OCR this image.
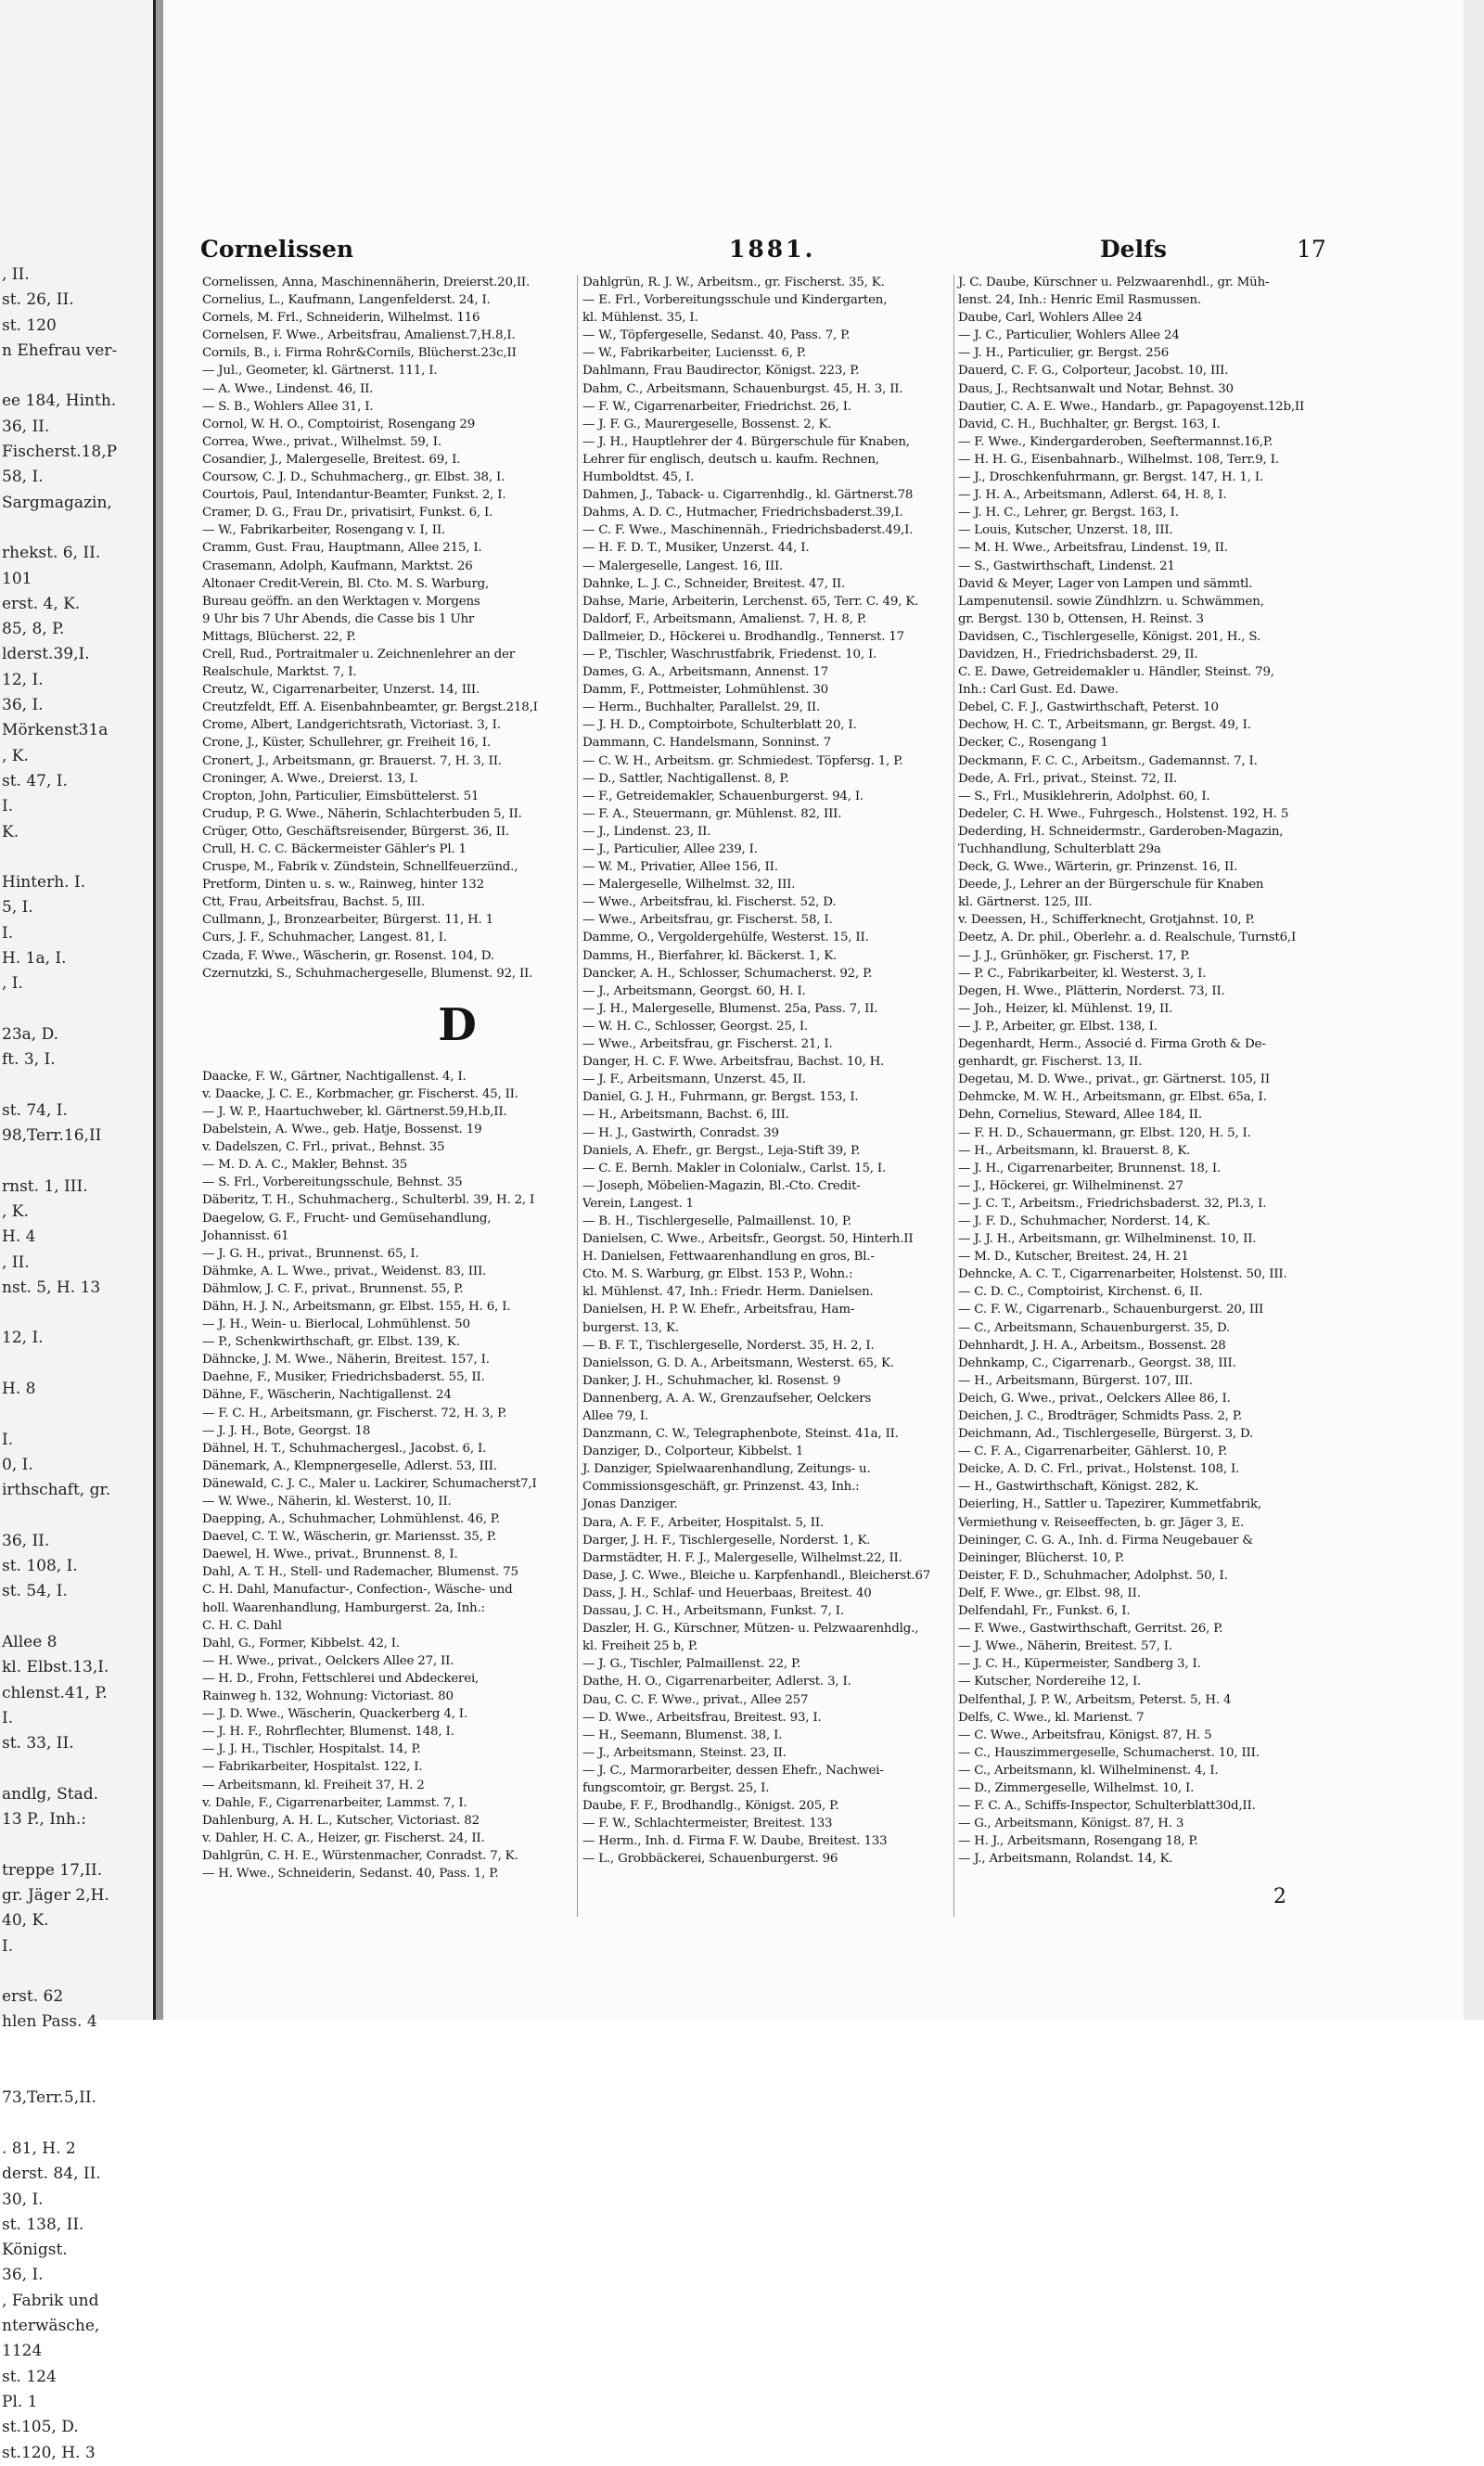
, II.
st. 26, II.
st. 120
n Ehefrau ver-

ee 184, Hinth.
36, II.
Fischerst.18,P
58, I.
Sargmagazin,

rhekst. 6, II.
101
erst. 4, K.
85, 8, P.
lderst.39,I.
12, I.
36, I.
Mörkenst31a
, K.
st. 47, I.
I.
K.

Hinterh. I.
5, I.
I.
H. 1a, I.
, I.

23a, D.
ft. 3, I.

st. 74, I.
98,Terr.16,II

rnst. 1, III.
, K.
H. 4
, II.
nst. 5, H. 13

12, I.

H. 8

I.
0, I.
irthschaft, gr.

36, II.
st. 108, I.
st. 54, I.

Allee 8
kl. Elbst.13,I.
chlenst.41, P.
I.
st. 33, II.

andlg, Stad.
13 P., Inh.:

treppe 17,II.
gr. Jäger 2,H.
40, K.
I.

erst. 62
hlen Pass. 4

73,Terr.5,II.

. 81, H. 2
derst. 84, II.
30, I.
st. 138, II.
Königst.
36, I.
, Fabrik und
nterwäsche,
1124
st. 124
Pl. 1
st.105, D.
st.120, H. 3
Cornelissen	1881.	Delfs	17
Cornelissen, Anna, Maschinennäherin, Dreierst.20,II.
Cornelius, L., Kaufmann, Langenfelderst. 24, I.
Cornels, M. Frl., Schneiderin, Wilhelmst. 116
Cornelsen, F. Wwe., Arbeitsfrau, Amalienst.7,H.8,I.
Cornils, B., i. Firma Rohr&Cornils, Blücherst.23c,II
— Jul., Geometer, kl. Gärtnerst. 111, I.
— A. Wwe., Lindenst. 46, II.
— S. B., Wohlers Allee 31, I.
Cornol, W. H. O., Comptoirist, Rosengang 29
Correa, Wwe., privat., Wilhelmst. 59, I.
Cosandier, J., Malergeselle, Breitest. 69, I.
Coursow, C. J. D., Schuhmacherg., gr. Elbst. 38, I.
Courtois, Paul, Intendantur-Beamter, Funkst. 2, I.
Cramer, D. G., Frau Dr., privatisirt, Funkst. 6, I.
— W., Fabrikarbeiter, Rosengang v. I, II.
Cramm, Gust. Frau, Hauptmann, Allee 215, I.
Crasemann, Adolph, Kaufmann, Marktst. 26
Altonaer Credit-Verein, Bl. Cto. M. S. Warburg,
Bureau geöffn. an den Werktagen v. Morgens
9 Uhr bis 7 Uhr Abends, die Casse bis 1 Uhr
Mittags, Blücherst. 22, P.
Crell, Rud., Portraitmaler u. Zeichnenlehrer an der
Realschule, Marktst. 7, I.
Creutz, W., Cigarrenarbeiter, Unzerst. 14, III.
Creutzfeldt, Eff. A. Eisenbahnbeamter, gr. Bergst.218,I
Crome, Albert, Landgerichtsrath, Victoriast. 3, I.
Crone, J., Küster, Schullehrer, gr. Freiheit 16, I.
Cronert, J., Arbeitsmann, gr. Brauerst. 7, H. 3, II.
Croninger, A. Wwe., Dreierst. 13, I.
Cropton, John, Particulier, Eimsbüttelerst. 51
Crudup, P. G. Wwe., Näherin, Schlachterbuden 5, II.
Crüger, Otto, Geschäftsreisender, Bürgerst. 36, II.
Crull, H. C. C. Bäckermeister Gähler's Pl. 1
Cruspe, M., Fabrik v. Zündstein, Schnellfeuerzünd.,
Pretform, Dinten u. s. w., Rainweg, hinter 132
Ctt, Frau, Arbeitsfrau, Bachst. 5, III.
Cullmann, J., Bronzearbeiter, Bürgerst. 11, H. 1
Curs, J. F., Schuhmacher, Langest. 81, I.
Czada, F. Wwe., Wäscherin, gr. Rosenst. 104, D.
Czernutzki, S., Schuhmachergeselle, Blumenst. 92, II.
D
Daacke, F. W., Gärtner, Nachtigallenst. 4, I.
v. Daacke, J. C. E., Korbmacher, gr. Fischerst. 45, II.
— J. W. P., Haartuchweber, kl. Gärtnerst.59,H.b,II.
Dabelstein, A. Wwe., geb. Hatje, Bossenst. 19
v. Dadelszen, C. Frl., privat., Behnst. 35
— M. D. A. C., Makler, Behnst. 35
— S. Frl., Vorbereitungsschule, Behnst. 35
Däberitz, T. H., Schuhmacherg., Schulterbl. 39, H. 2, I
Daegelow, G. F., Frucht- und Gemüsehandlung,
Johannisst. 61
— J. G. H., privat., Brunnenst. 65, I.
Dähmke, A. L. Wwe., privat., Weidenst. 83, III.
Dähmlow, J. C. F., privat., Brunnenst. 55, P.
Dähn, H. J. N., Arbeitsmann, gr. Elbst. 155, H. 6, I.
— J. H., Wein- u. Bierlocal, Lohmühlenst. 50
— P., Schenkwirthschaft, gr. Elbst. 139, K.
Dähncke, J. M. Wwe., Näherin, Breitest. 157, I.
Daehne, F., Musiker, Friedrichsbaderst. 55, II.
Dähne, F., Wäscherin, Nachtigallenst. 24
— F. C. H., Arbeitsmann, gr. Fischerst. 72, H. 3, P.
— J. J. H., Bote, Georgst. 18
Dähnel, H. T., Schuhmachergesl., Jacobst. 6, I.
Dänemark, A., Klempnergeselle, Adlerst. 53, III.
Dänewald, C. J. C., Maler u. Lackirer, Schumacherst7,I
— W. Wwe., Näherin, kl. Westerst. 10, II.
Daepping, A., Schuhmacher, Lohmühlenst. 46, P.
Daevel, C. T. W., Wäscherin, gr. Mariensst. 35, P.
Daewel, H. Wwe., privat., Brunnenst. 8, I.
Dahl, A. T. H., Stell- und Rademacher, Blumenst. 75
C. H. Dahl, Manufactur-, Confection-, Wäsche- und
holl. Waarenhandlung, Hamburgerst. 2a, Inh.:
C. H. C. Dahl
Dahl, G., Former, Kibbelst. 42, I.
— H. Wwe., privat., Oelckers Allee 27, II.
— H. D., Frohn, Fettschlerei und Abdeckerei,
Rainweg h. 132, Wohnung: Victoriast. 80
— J. D. Wwe., Wäscherin, Quackerberg 4, I.
— J. H. F., Rohrflechter, Blumenst. 148, I.
— J. J. H., Tischler, Hospitalst. 14, P.
— Fabrikarbeiter, Hospitalst. 122, I.
— Arbeitsmann, kl. Freiheit 37, H. 2
v. Dahle, F., Cigarrenarbeiter, Lammst. 7, I.
Dahlenburg, A. H. L., Kutscher, Victoriast. 82
v. Dahler, H. C. A., Heizer, gr. Fischerst. 24, II.
Dahlgrün, C. H. E., Würstenmacher, Conradst. 7, K.
— H. Wwe., Schneiderin, Sedanst. 40, Pass. 1, P.
Dahlgrün, R. J. W., Arbeitsm., gr. Fischerst. 35, K.
— E. Frl., Vorbereitungsschule und Kindergarten,
kl. Mühlenst. 35, I.
— W., Töpfergeselle, Sedanst. 40, Pass. 7, P.
— W., Fabrikarbeiter, Luciensst. 6, P.
Dahlmann, Frau Baudirector, Königst. 223, P.
Dahm, C., Arbeitsmann, Schauenburgst. 45, H. 3, II.
— F. W., Cigarrenarbeiter, Friedrichst. 26, I.
— J. F. G., Maurergeselle, Bossenst. 2, K.
— J. H., Hauptlehrer der 4. Bürgerschule für Knaben,
Lehrer für englisch, deutsch u. kaufm. Rechnen,
Humboldtst. 45, I.
Dahmen, J., Taback- u. Cigarrenhdlg., kl. Gärtnerst.78
Dahms, A. D. C., Hutmacher, Friedrichsbaderst.39,I.
— C. F. Wwe., Maschinennäh., Friedrichsbaderst.49,I.
— H. F. D. T., Musiker, Unzerst. 44, I.
— Malergeselle, Langest. 16, III.
Dahnke, L. J. C., Schneider, Breitest. 47, II.
Dahse, Marie, Arbeiterin, Lerchenst. 65, Terr. C. 49, K.
Daldorf, F., Arbeitsmann, Amalienst. 7, H. 8, P.
Dallmeier, D., Höckerei u. Brodhandlg., Tennerst. 17
— P., Tischler, Waschrustfabrik, Friedenst. 10, I.
Dames, G. A., Arbeitsmann, Annenst. 17
Damm, F., Pottmeister, Lohmühlenst. 30
— Herm., Buchhalter, Parallelst. 29, II.
— J. H. D., Comptoirbote, Schulterblatt 20, I.
Dammann, C. Handelsmann, Sonninst. 7
— C. W. H., Arbeitsm. gr. Schmiedest. Töpfersg. 1, P.
— D., Sattler, Nachtigallenst. 8, P.
— F., Getreidemakler, Schauenburgerst. 94, I.
— F. A., Steuermann, gr. Mühlenst. 82, III.
— J., Lindenst. 23, II.
— J., Particulier, Allee 239, I.
— W. M., Privatier, Allee 156, II.
— Malergeselle, Wilhelmst. 32, III.
— Wwe., Arbeitsfrau, kl. Fischerst. 52, D.
— Wwe., Arbeitsfrau, gr. Fischerst. 58, I.
Damme, O., Vergoldergehülfe, Westerst. 15, II.
Damms, H., Bierfahrer, kl. Bäckerst. 1, K.
Dancker, A. H., Schlosser, Schumacherst. 92, P.
— J., Arbeitsmann, Georgst. 60, H. I.
— J. H., Malergeselle, Blumenst. 25a, Pass. 7, II.
— W. H. C., Schlosser, Georgst. 25, I.
— Wwe., Arbeitsfrau, gr. Fischerst. 21, I.
Danger, H. C. F. Wwe. Arbeitsfrau, Bachst. 10, H.
— J. F., Arbeitsmann, Unzerst. 45, II.
Daniel, G. J. H., Fuhrmann, gr. Bergst. 153, I.
— H., Arbeitsmann, Bachst. 6, III.
— H. J., Gastwirth, Conradst. 39
Daniels, A. Ehefr., gr. Bergst., Leja-Stift 39, P.
— C. E. Bernh. Makler in Colonialw., Carlst. 15, I.
— Joseph, Möbelien-Magazin, Bl.-Cto. Credit-
Verein, Langest. 1
— B. H., Tischlergeselle, Palmaillenst. 10, P.
Danielsen, C. Wwe., Arbeitsfr., Georgst. 50, Hinterh.II
H. Danielsen, Fettwaarenhandlung en gros, Bl.-
Cto. M. S. Warburg, gr. Elbst. 153 P., Wohn.:
kl. Mühlenst. 47, Inh.: Friedr. Herm. Danielsen.
Danielsen, H. P. W. Ehefr., Arbeitsfrau, Ham-
burgerst. 13, K.
— B. F. T., Tischlergeselle, Norderst. 35, H. 2, I.
Danielsson, G. D. A., Arbeitsmann, Westerst. 65, K.
Danker, J. H., Schuhmacher, kl. Rosenst. 9
Dannenberg, A. A. W., Grenzaufseher, Oelckers
Allee 79, I.
Danzmann, C. W., Telegraphenbote, Steinst. 41a, II.
Danziger, D., Colporteur, Kibbelst. 1
J. Danziger, Spielwaarenhandlung, Zeitungs- u.
Commissionsgeschäft, gr. Prinzenst. 43, Inh.:
Jonas Danziger.
Dara, A. F. F., Arbeiter, Hospitalst. 5, II.
Darger, J. H. F., Tischlergeselle, Norderst. 1, K.
Darmstädter, H. F. J., Malergeselle, Wilhelmst.22, II.
Dase, J. C. Wwe., Bleiche u. Karpfenhandl., Bleicherst.67
Dass, J. H., Schlaf- und Heuerbaas, Breitest. 40
Dassau, J. C. H., Arbeitsmann, Funkst. 7, I.
Daszler, H. G., Kürschner, Mützen- u. Pelzwaarenhdlg.,
kl. Freiheit 25 b, P.
— J. G., Tischler, Palmaillenst. 22, P.
Dathe, H. O., Cigarrenarbeiter, Adlerst. 3, I.
Dau, C. C. F. Wwe., privat., Allee 257
— D. Wwe., Arbeitsfrau, Breitest. 93, I.
— H., Seemann, Blumenst. 38, I.
— J., Arbeitsmann, Steinst. 23, II.
— J. C., Marmorarbeiter, dessen Ehefr., Nachwei-
fungscomtoir, gr. Bergst. 25, I.
Daube, F. F., Brodhandlg., Königst. 205, P.
— F. W., Schlachtermeister, Breitest. 133
— Herm., Inh. d. Firma F. W. Daube, Breitest. 133
— L., Grobbäckerei, Schauenburgerst. 96
J. C. Daube, Kürschner u. Pelzwaarenhdl., gr. Müh-
lenst. 24, Inh.: Henric Emil Rasmussen.
Daube, Carl, Wohlers Allee 24
— J. C., Particulier, Wohlers Allee 24
— J. H., Particulier, gr. Bergst. 256
Dauerd, C. F. G., Colporteur, Jacobst. 10, III.
Daus, J., Rechtsanwalt und Notar, Behnst. 30
Dautier, C. A. E. Wwe., Handarb., gr. Papagoyenst.12b,II
David, C. H., Buchhalter, gr. Bergst. 163, I.
— F. Wwe., Kindergarderoben, Seeftermannst.16,P.
— H. H. G., Eisenbahnarb., Wilhelmst. 108, Terr.9, I.
— J., Droschkenfuhrmann, gr. Bergst. 147, H. 1, I.
— J. H. A., Arbeitsmann, Adlerst. 64, H. 8, I.
— J. H. C., Lehrer, gr. Bergst. 163, I.
— Louis, Kutscher, Unzerst. 18, III.
— M. H. Wwe., Arbeitsfrau, Lindenst. 19, II.
— S., Gastwirthschaft, Lindenst. 21
David & Meyer, Lager von Lampen und sämmtl.
Lampenutensil. sowie Zündhlzrn. u. Schwämmen,
gr. Bergst. 130 b, Ottensen, H. Reinst. 3
Davidsen, C., Tischlergeselle, Königst. 201, H., S.
Davidzen, H., Friedrichsbaderst. 29, II.
C. E. Dawe, Getreidemakler u. Händler, Steinst. 79,
Inh.: Carl Gust. Ed. Dawe.
Debel, C. F. J., Gastwirthschaft, Peterst. 10
Dechow, H. C. T., Arbeitsmann, gr. Bergst. 49, I.
Decker, C., Rosengang 1
Deckmann, F. C. C., Arbeitsm., Gademannst. 7, I.
Dede, A. Frl., privat., Steinst. 72, II.
— S., Frl., Musiklehrerin, Adolphst. 60, I.
Dedeler, C. H. Wwe., Fuhrgesch., Holstenst. 192, H. 5
Dederding, H. Schneidermstr., Garderoben-Magazin,
Tuchhandlung, Schulterblatt 29a
Deck, G. Wwe., Wärterin, gr. Prinzenst. 16, II.
Deede, J., Lehrer an der Bürgerschule für Knaben
kl. Gärtnerst. 125, III.
v. Deessen, H., Schifferknecht, Grotjahnst. 10, P.
Deetz, A. Dr. phil., Oberlehr. a. d. Realschule, Turnst6,I
— J. J., Grünhöker, gr. Fischerst. 17, P.
— P. C., Fabrikarbeiter, kl. Westerst. 3, I.
Degen, H. Wwe., Plätterin, Norderst. 73, II.
— Joh., Heizer, kl. Mühlenst. 19, II.
— J. P., Arbeiter, gr. Elbst. 138, I.
Degenhardt, Herm., Associé d. Firma Groth & De-
genhardt, gr. Fischerst. 13, II.
Degetau, M. D. Wwe., privat., gr. Gärtnerst. 105, II
Dehmcke, M. W. H., Arbeitsmann, gr. Elbst. 65a, I.
Dehn, Cornelius, Steward, Allee 184, II.
— F. H. D., Schauermann, gr. Elbst. 120, H. 5, I.
— H., Arbeitsmann, kl. Brauerst. 8, K.
— J. H., Cigarrenarbeiter, Brunnenst. 18, I.
— J., Höckerei, gr. Wilhelminenst. 27
— J. C. T., Arbeitsm., Friedrichsbaderst. 32, Pl.3, I.
— J. F. D., Schuhmacher, Norderst. 14, K.
— J. J. H., Arbeitsmann, gr. Wilhelminenst. 10, II.
— M. D., Kutscher, Breitest. 24, H. 21
Dehncke, A. C. T., Cigarrenarbeiter, Holstenst. 50, III.
— C. D. C., Comptoirist, Kirchenst. 6, II.
— C. F. W., Cigarrenarb., Schauenburgerst. 20, III
— C., Arbeitsmann, Schauenburgerst. 35, D.
Dehnhardt, J. H. A., Arbeitsm., Bossenst. 28
Dehnkamp, C., Cigarrenarb., Georgst. 38, III.
— H., Arbeitsmann, Bürgerst. 107, III.
Deich, G. Wwe., privat., Oelckers Allee 86, I.
Deichen, J. C., Brodträger, Schmidts Pass. 2, P.
Deichmann, Ad., Tischlergeselle, Bürgerst. 3, D.
— C. F. A., Cigarrenarbeiter, Gählerst. 10, P.
Deicke, A. D. C. Frl., privat., Holstenst. 108, I.
— H., Gastwirthschaft, Königst. 282, K.
Deierling, H., Sattler u. Tapezirer, Kummetfabrik,
Vermiethung v. Reiseeffecten, b. gr. Jäger 3, E.
Deininger, C. G. A., Inh. d. Firma Neugebauer &
Deininger, Blücherst. 10, P.
Deister, F. D., Schuhmacher, Adolphst. 50, I.
Delf, F. Wwe., gr. Elbst. 98, II.
Delfendahl, Fr., Funkst. 6, I.
— F. Wwe., Gastwirthschaft, Gerritst. 26, P.
— J. Wwe., Näherin, Breitest. 57, I.
— J. C. H., Küpermeister, Sandberg 3, I.
— Kutscher, Nordereihe 12, I.
Delfenthal, J. P. W., Arbeitsm, Peterst. 5, H. 4
Delfs, C. Wwe., kl. Marienst. 7
— C. Wwe., Arbeitsfrau, Königst. 87, H. 5
— C., Hauszimmergeselle, Schumacherst. 10, III.
— C., Arbeitsmann, kl. Wilhelminenst. 4, I.
— D., Zimmergeselle, Wilhelmst. 10, I.
— F. C. A., Schiffs-Inspector, Schulterblatt30d,II.
— G., Arbeitsmann, Königst. 87, H. 3
— H. J., Arbeitsmann, Rosengang 18, P.
— J., Arbeitsmann, Rolandst. 14, K.
2
